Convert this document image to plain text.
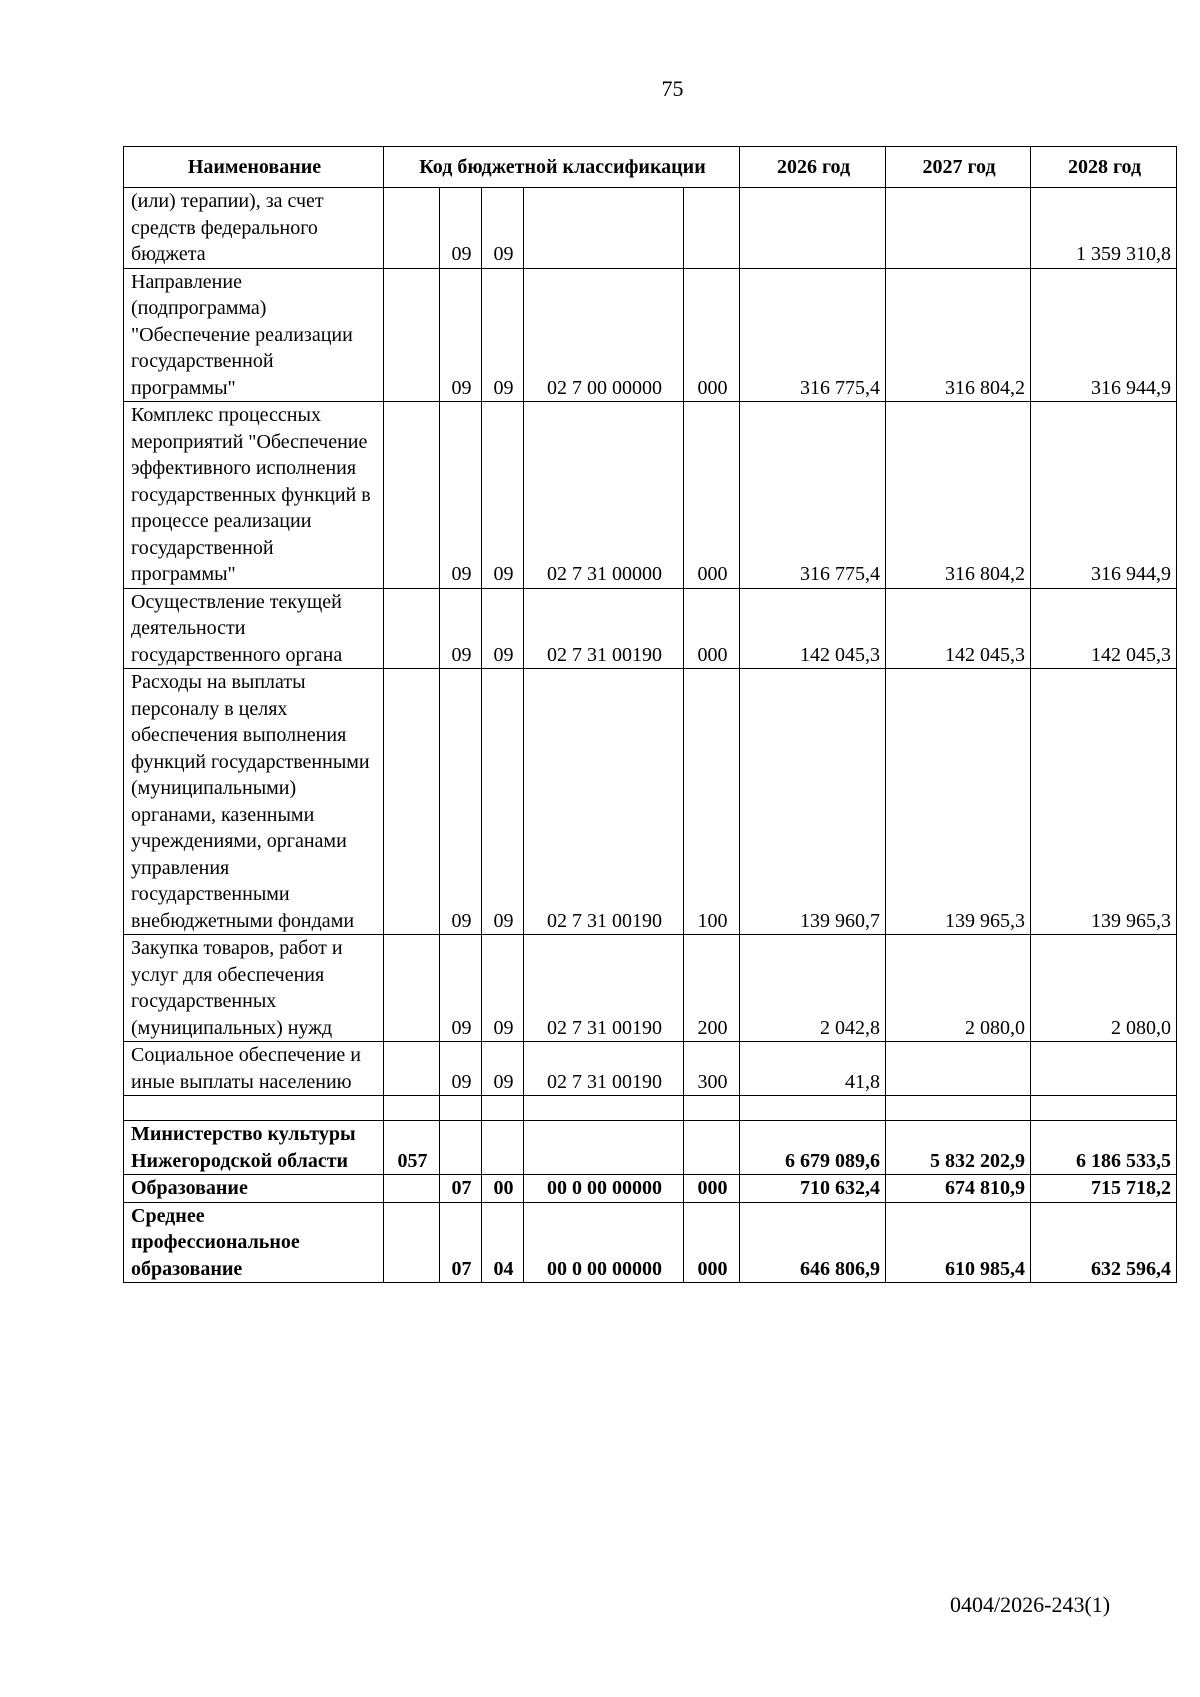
75
Наименование	Код бюджетной классификации					2026 год	2027 год	2028 год
(или) терапии), за счет средств федерального бюджета		09	09					1 359 310,8
Направление (подпрограмма) "Обеспечение реализации государственной программы"		09	09	02 7 00 00000	000	316 775,4	316 804,2	316 944,9
Комплекс процессных мероприятий "Обеспечение эффективного исполнения государственных функций в процессе реализации государственной программы"		09	09	02 7 31 00000	000	316 775,4	316 804,2	316 944,9
Осуществление текущей деятельности государственного органа		09	09	02 7 31 00190	000	142 045,3	142 045,3	142 045,3
Расходы на выплаты персоналу в целях обеспечения выполнения функций государственными (муниципальными) органами, казенными учреждениями, органами управления государственными внебюджетными фондами		09	09	02 7 31 00190	100	139 960,7	139 965,3	139 965,3
Закупка товаров, работ и услуг для обеспечения государственных (муниципальных) нужд		09	09	02 7 31 00190	200	2 042,8	2 080,0	2 080,0
Социальное обеспечение и иные выплаты населению		09	09	02 7 31 00190	300	41,8		

Министерство культуры Нижегородской области	057					6 679 089,6	5 832 202,9	6 186 533,5
Образование		07	00	00 0 00 00000	000	710 632,4	674 810,9	715 718,2
Среднее профессиональное образование		07	04	00 0 00 00000	000	646 806,9	610 985,4	632 596,4
0404/2026-243(1)
